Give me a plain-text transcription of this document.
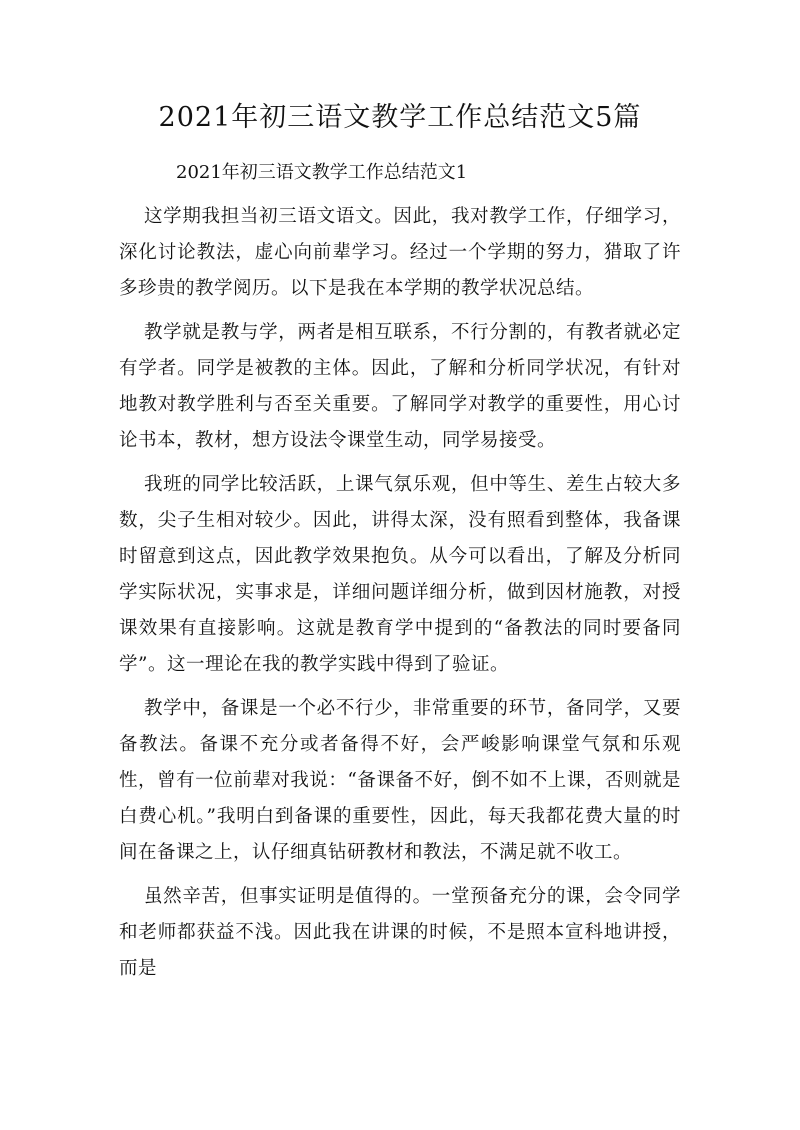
2021年初三语文教学工作总结范文5篇
2021年初三语文教学工作总结范文1

这学期我担当初三语文语文。因此，我对教学工作，仔细学习，深化讨论教法，虚心向前辈学习。经过一个学期的努力，猎取了许多珍贵的教学阅历。以下是我在本学期的教学状况总结。

教学就是教与学，两者是相互联系，不行分割的，有教者就必定有学者。同学是被教的主体。因此，了解和分析同学状况，有针对地教对教学胜利与否至关重要。了解同学对教学的重要性，用心讨论书本，教材，想方设法令课堂生动，同学易接受。

我班的同学比较活跃，上课气氛乐观，但中等生、差生占较大多数，尖子生相对较少。因此，讲得太深，没有照看到整体，我备课时留意到这点，因此教学效果抱负。从今可以看出，了解及分析同学实际状况，实事求是，详细问题详细分析，做到因材施教，对授课效果有直接影响。这就是教育学中提到的“备教法的同时要备同学”。这一理论在我的教学实践中得到了验证。

教学中，备课是一个必不行少，非常重要的环节，备同学，又要备教法。备课不充分或者备得不好，会严峻影响课堂气氛和乐观性，曾有一位前辈对我说：“备课备不好，倒不如不上课，否则就是白费心机。”我明白到备课的重要性，因此，每天我都花费大量的时间在备课之上，认仔细真钻研教材和教法，不满足就不收工。

虽然辛苦，但事实证明是值得的。一堂预备充分的课，会令同学和老师都获益不浅。因此我在讲课的时候，不是照本宣科地讲授，而是
